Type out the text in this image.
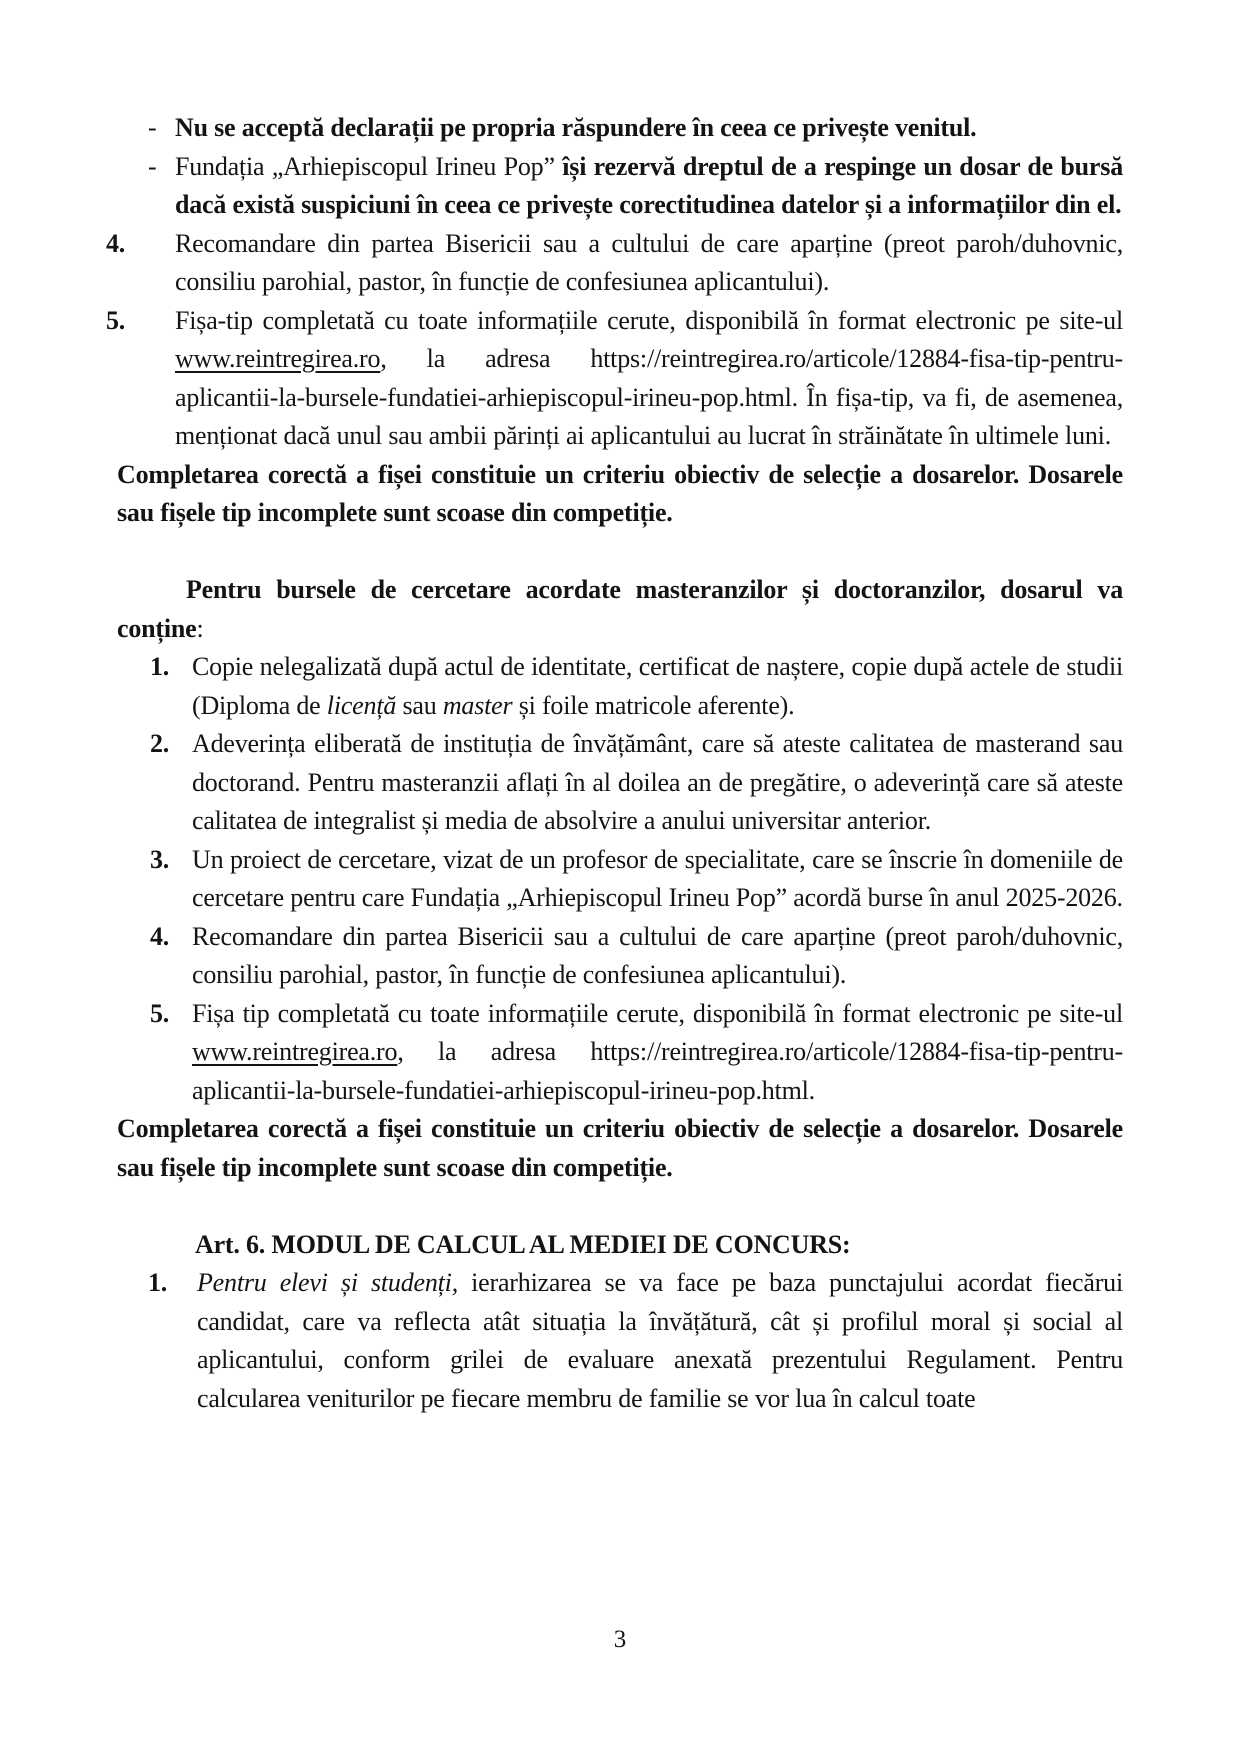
- Nu se acceptă declarații pe propria răspundere în ceea ce privește venitul.
- Fundația „Arhiepiscopul Irineu Pop” își rezervă dreptul de a respinge un dosar de bursă dacă există suspiciuni în ceea ce privește corectitudinea datelor și a informațiilor din el.
4. Recomandare din partea Bisericii sau a cultului de care aparține (preot paroh/duhovnic, consiliu parohial, pastor, în funcție de confesiunea aplicantului).
5. Fișa-tip completată cu toate informațiile cerute, disponibilă în format electronic pe site-ul www.reintregirea.ro, la adresa https://reintregirea.ro/articole/12884-fisa-tip-pentru-aplicantii-la-bursele-fundatiei-arhiepiscopul-irineu-pop.html. În fișa-tip, va fi, de asemenea, menționat dacă unul sau ambii părinți ai aplicantului au lucrat în străinătate în ultimele luni.
Completarea corectă a fișei constituie un criteriu obiectiv de selecție a dosarelor. Dosarele sau fișele tip incomplete sunt scoase din competiție.
Pentru bursele de cercetare acordate masteranzilor și doctoranzilor, dosarul va conține:
1. Copie nelegalizată după actul de identitate, certificat de naștere, copie după actele de studii (Diploma de licență sau master și foile matricole aferente).
2. Adeverința eliberată de instituția de învățământ, care să ateste calitatea de masterand sau doctorand. Pentru masteranzii aflați în al doilea an de pregătire, o adeverință care să ateste calitatea de integralist și media de absolvire a anului universitar anterior.
3. Un proiect de cercetare, vizat de un profesor de specialitate, care se înscrie în domeniile de cercetare pentru care Fundația „Arhiepiscopul Irineu Pop” acordă burse în anul 2025-2026.
4. Recomandare din partea Bisericii sau a cultului de care aparține (preot paroh/duhovnic, consiliu parohial, pastor, în funcție de confesiunea aplicantului).
5. Fișa tip completată cu toate informațiile cerute, disponibilă în format electronic pe site-ul www.reintregirea.ro, la adresa https://reintregirea.ro/articole/12884-fisa-tip-pentru-aplicantii-la-bursele-fundatiei-arhiepiscopul-irineu-pop.html.
Completarea corectă a fișei constituie un criteriu obiectiv de selecție a dosarelor. Dosarele sau fișele tip incomplete sunt scoase din competiție.
Art. 6. MODUL DE CALCUL AL MEDIEI DE CONCURS:
1. Pentru elevi și studenți, ierarhizarea se va face pe baza punctajului acordat fiecărui candidat, care va reflecta atât situația la învățătură, cât și profilul moral și social al aplicantului, conform grilei de evaluare anexată prezentului Regulament. Pentru calcularea veniturilor pe fiecare membru de familie se vor lua în calcul toate
3
